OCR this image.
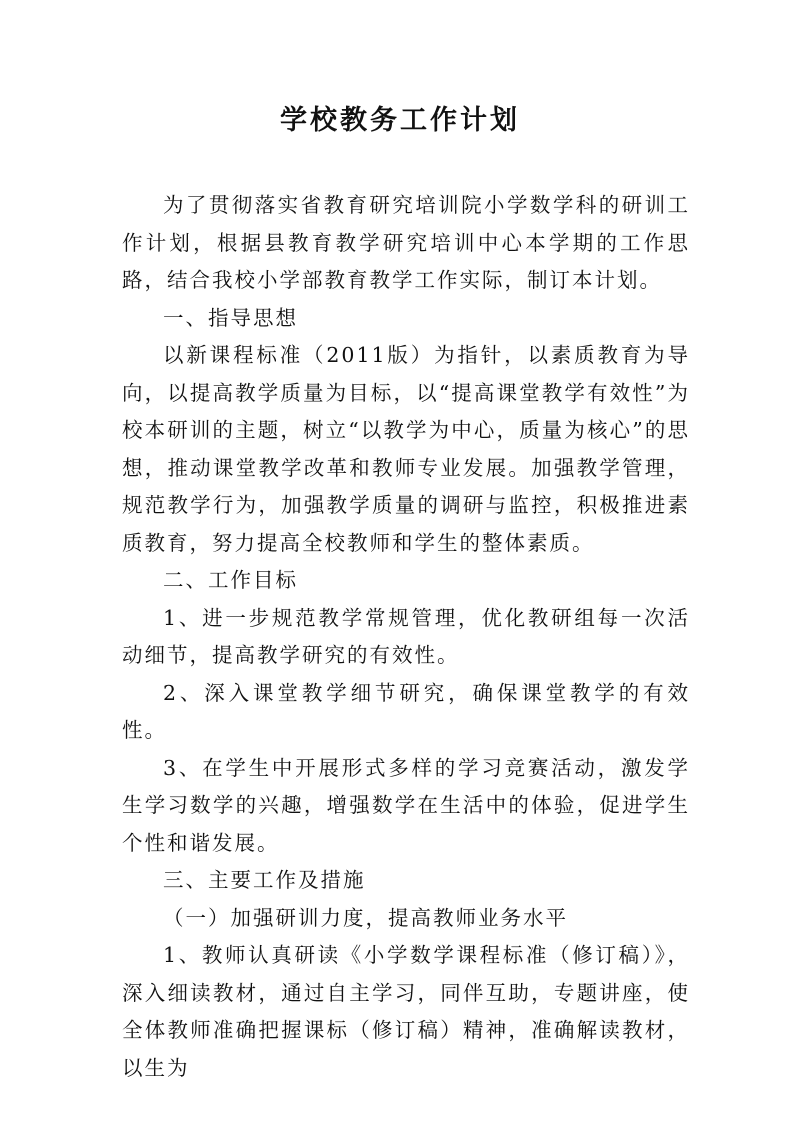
学校教务工作计划

为了贯彻落实省教育研究培训院小学数学科的研训工作计划，根据县教育教学研究培训中心本学期的工作思路，结合我校小学部教育教学工作实际，制订本计划。

一、指导思想

以新课程标准（2011版）为指针，以素质教育为导向，以提高教学质量为目标，以“提高课堂教学有效性”为校本研训的主题，树立“以教学为中心，质量为核心”的思想，推动课堂教学改革和教师专业发展。加强教学管理，规范教学行为，加强教学质量的调研与监控，积极推进素质教育，努力提高全校教师和学生的整体素质。

二、工作目标

1、进一步规范教学常规管理，优化教研组每一次活动细节，提高教学研究的有效性。

2、深入课堂教学细节研究，确保课堂教学的有效性。

3、在学生中开展形式多样的学习竞赛活动，激发学生学习数学的兴趣，增强数学在生活中的体验，促进学生个性和谐发展。

三、主要工作及措施

（一）加强研训力度，提高教师业务水平

1、教师认真研读《小学数学课程标准（修订稿）》，深入细读教材，通过自主学习，同伴互助，专题讲座，使全体教师准确把握课标（修订稿）精神，准确解读教材，以生为
